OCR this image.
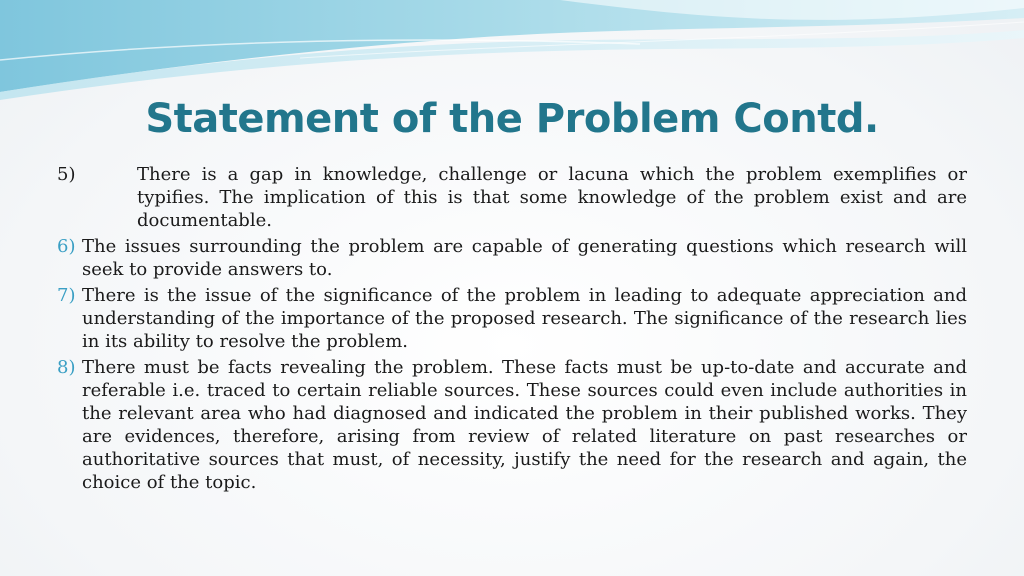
Statement of the Problem Contd.
5)	There is a gap in knowledge, challenge or lacuna which the problem exemplifies or typifies. The implication of this is that some knowledge of the problem exist and are documentable.
6) The issues surrounding the problem are capable of generating questions which research will seek to provide answers to.
7) There is the issue of the significance of the problem in leading to adequate appreciation and understanding of the importance of the proposed research. The significance of the research lies in its ability to resolve the problem.
8) There must be facts revealing the problem. These facts must be up-to-date and accurate and referable i.e. traced to certain reliable sources. These sources could even include authorities in the relevant area who had diagnosed and indicated the problem in their published works. They are evidences, therefore, arising from review of related literature on past researches or authoritative sources that must, of necessity, justify the need for the research and again, the choice of the topic.
